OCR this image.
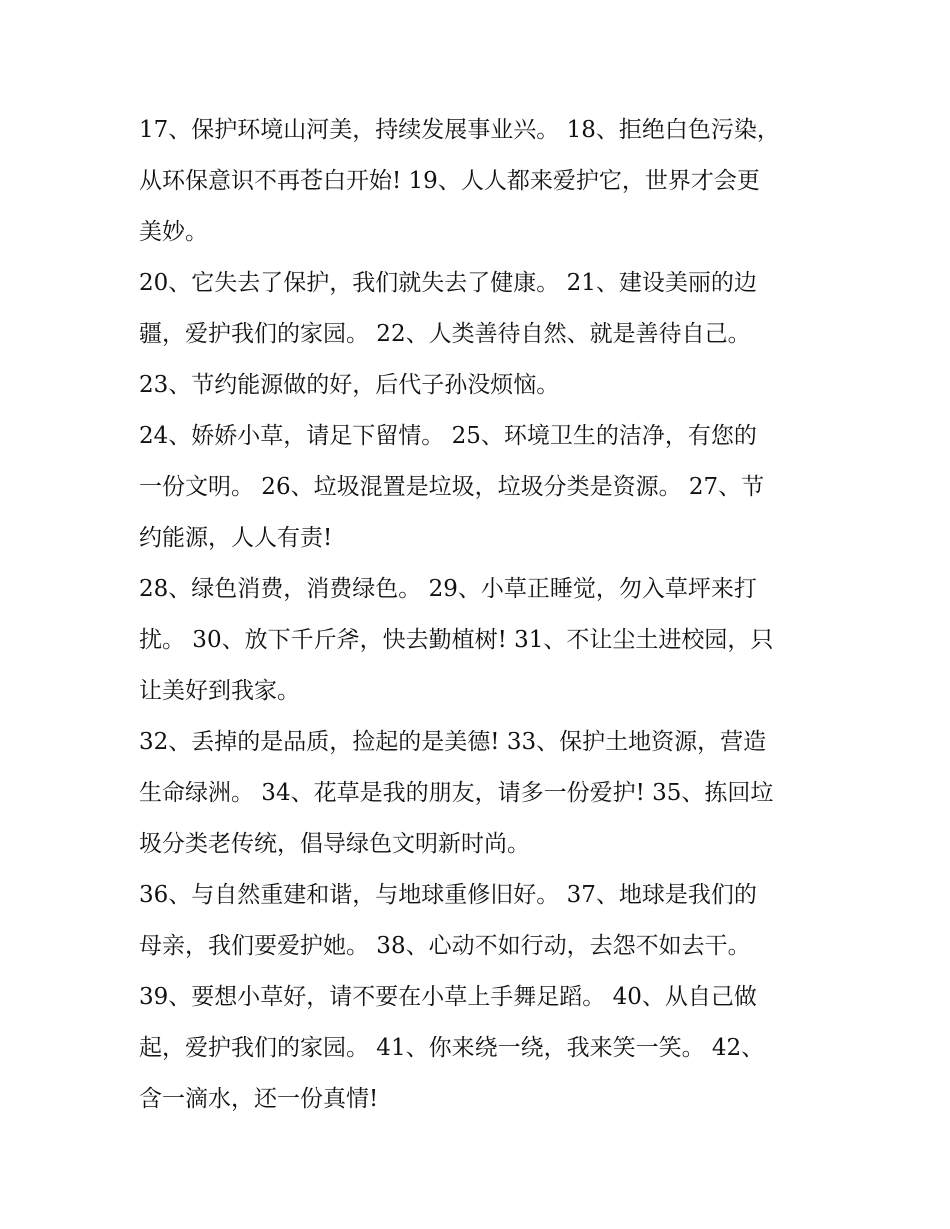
17、保护环境山河美，持续发展事业兴。 18、拒绝白色污染，
从环保意识不再苍白开始! 19、人人都来爱护它，世界才会更
美妙。

20、它失去了保护，我们就失去了健康。 21、建设美丽的边
疆，爱护我们的家园。 22、人类善待自然、就是善待自己。

23、节约能源做的好，后代子孙没烦恼。

24、娇娇小草，请足下留情。 25、环境卫生的洁净，有您的
一份文明。 26、垃圾混置是垃圾，垃圾分类是资源。 27、节
约能源，人人有责!

28、绿色消费，消费绿色。 29、小草正睡觉，勿入草坪来打
扰。 30、放下千斤斧，快去勤植树! 31、不让尘土进校园，只
让美好到我家。

32、丢掉的是品质，捡起的是美德! 33、保护土地资源，营造
生命绿洲。 34、花草是我的朋友，请多一份爱护! 35、拣回垃
圾分类老传统，倡导绿色文明新时尚。

36、与自然重建和谐，与地球重修旧好。 37、地球是我们的
母亲，我们要爱护她。 38、心动不如行动，去怨不如去干。

39、要想小草好，请不要在小草上手舞足蹈。 40、从自己做
起，爱护我们的家园。 41、你来绕一绕，我来笑一笑。 42、
含一滴水，还一份真情!
